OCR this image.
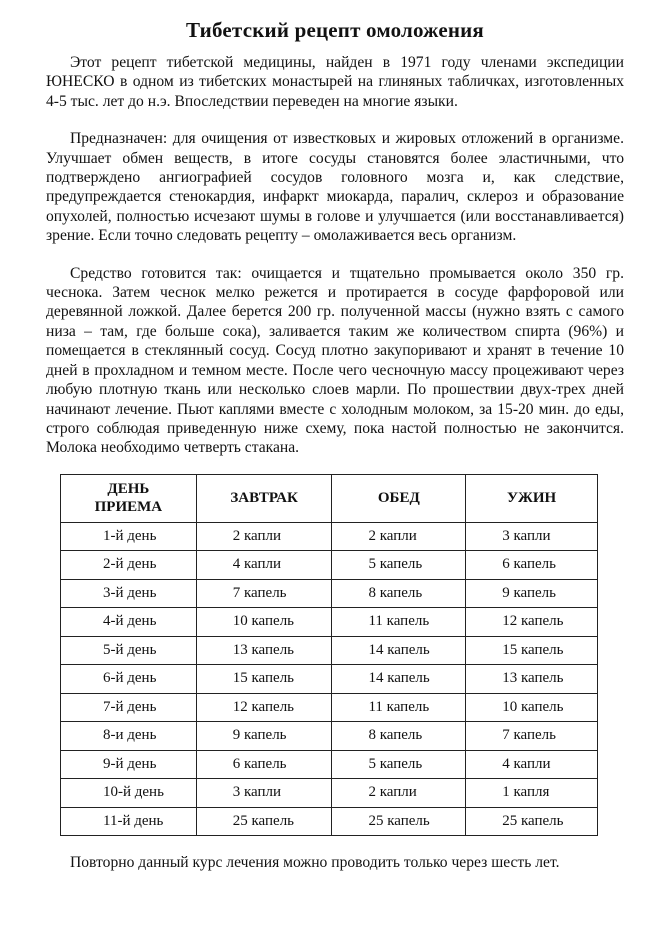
Тибетский рецепт омоложения

Этот рецепт тибетской медицины, найден в 1971 году членами экспедиции ЮНЕСКО в одном из тибетских монастырей на глиняных табличках, изготовленных 4-5 тыс. лет до н.э. Впоследствии переведен на многие языки.

Предназначен: для очищения от известковых и жировых отложений в организме. Улучшает обмен веществ, в итоге сосуды становятся более эластичными, что подтверждено ангиографией сосудов головного мозга и, как следствие, предупреждается стенокардия, инфаркт миокарда, паралич, склероз и образование опухолей, полностью исчезают шумы в голове и улучшается (или восстанавливается) зрение. Если точно следовать рецепту – омолаживается весь организм.

Средство готовится так: очищается и тщательно промывается около 350 гр. чеснока. Затем чеснок мелко режется и протирается в сосуде фарфоровой или деревянной ложкой. Далее берется 200 гр. полученной массы (нужно взять с самого низа – там, где больше сока), заливается таким же количеством спирта (96%) и помещается в стеклянный сосуд. Сосуд плотно закупоривают и хранят в течение 10 дней в прохладном и темном месте. После чего чесночную массу процеживают через любую плотную ткань или несколько слоев марли. По прошествии двух-трех дней начинают лечение. Пьют каплями вместе с холодным молоком, за 15-20 мин. до еды, строго соблюдая приведенную ниже схему, пока настой полностью не закончится. Молока необходимо четверть стакана.

ДЕНЬ ПРИЕМА	ЗАВТРАК	ОБЕД	УЖИН
1-й день	2 капли	2 капли	3 капли
2-й день	4 капли	5 капель	6 капель
3-й день	7 капель	8 капель	9 капель
4-й день	10 капель	11 капель	12 капель
5-й день	13 капель	14 капель	15 капель
6-й день	15 капель	14 капель	13 капель
7-й день	12 капель	11 капель	10 капель
8-и день	9 капель	8 капель	7 капель
9-й день	6 капель	5 капель	4 капли
10-й день	3 капли	2 капли	1 капля
11-й день	25 капель	25 капель	25 капель

Повторно данный курс лечения можно проводить только через шесть лет.
